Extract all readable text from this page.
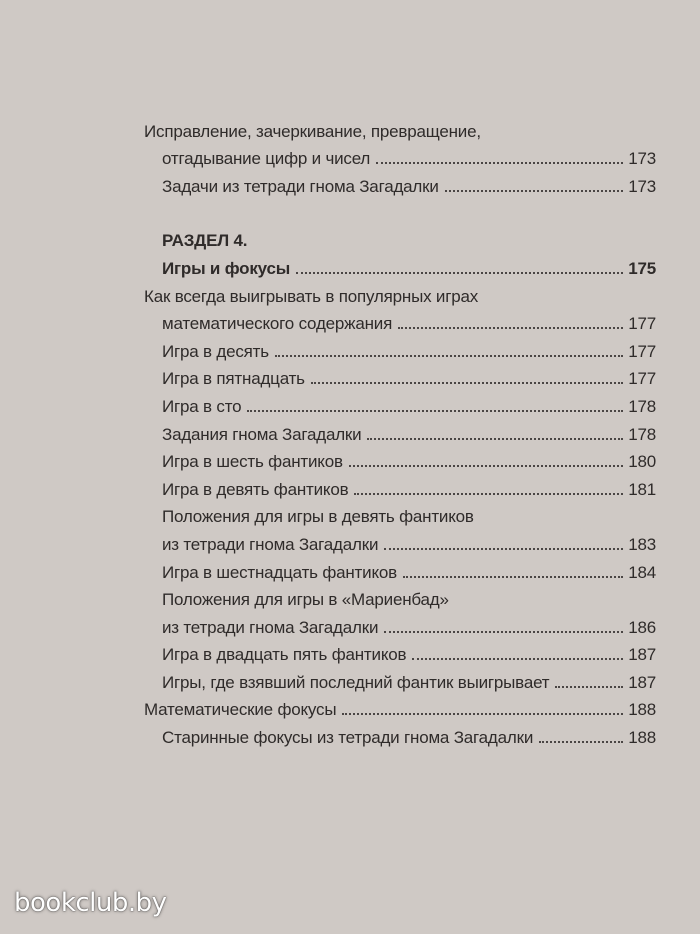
Исправление, зачеркивание, превращение,
отгадывание цифр и чисел	173
Задачи из тетради гнома Загадалки	173
РАЗДЕЛ 4.
Игры и фокусы	175
Как всегда выигрывать в популярных играх
математического содержания	177
Игра в десять	177
Игра в пятнадцать	177
Игра в сто	178
Задания гнома Загадалки	178
Игра в шесть фантиков	180
Игра в девять фантиков	181
Положения для игры в девять фантиков
из тетради гнома Загадалки	183
Игра в шестнадцать фантиков	184
Положения для игры в «Мариенбад»
из тетради гнома Загадалки	186
Игра в двадцать пять фантиков	187
Игры, где взявший последний фантик выигрывает	187
Математические фокусы	188
Старинные фокусы из тетради гнома Загадалки	188
bookclub.by
